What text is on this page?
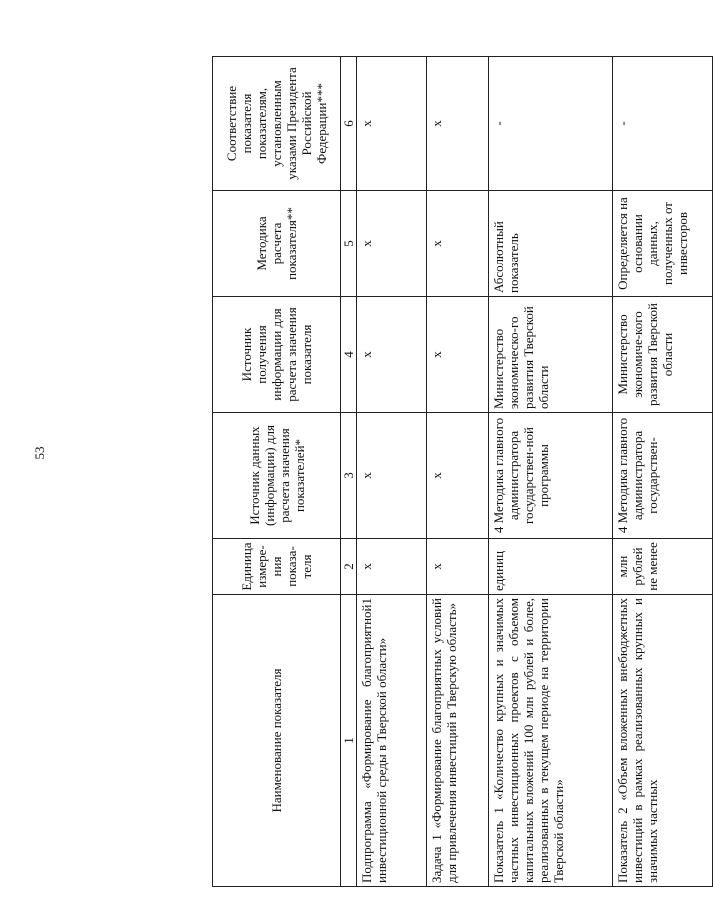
53
Наименование показателя	Единица измере-ния показа-теля	Источник данных (информации) для расчета значения показателей*	Источник получения информации для расчета значения показателя	Методика расчета показателя**	Соответствие показателя показателям, установленным указами Президента Российской Федерации***
1	2	3	4	5	6

1
Подпрограмма «Формирование благоприятной инвестиционной среды в Тверской области»	х	х	х	х	х
Задача 1 «Формирование благоприятных условий для привлечения инвестиций в Тверскую область»	х	х	х	х	х
Показатель 1 «Количество крупных и значимых частных инвестиционных проектов с объемом капитальных вложений 100 млн рублей и более, реализованных в текущем периоде на территории Тверской области»	единиц	4 Методика главного администратора государствен-ной программы	Министерство экономическо-го развития Тверской области	Абсолютный показатель	-
Показатель 2 «Объем вложенных внебюджетных инвестиций в рамках реализованных крупных и значимых частных	млн рублей не менее	4 Методика главного администратора государствен-	Министерство экономиче-кого развития Тверской области	Определяется на основании данных, полученных от инвесторов	-
